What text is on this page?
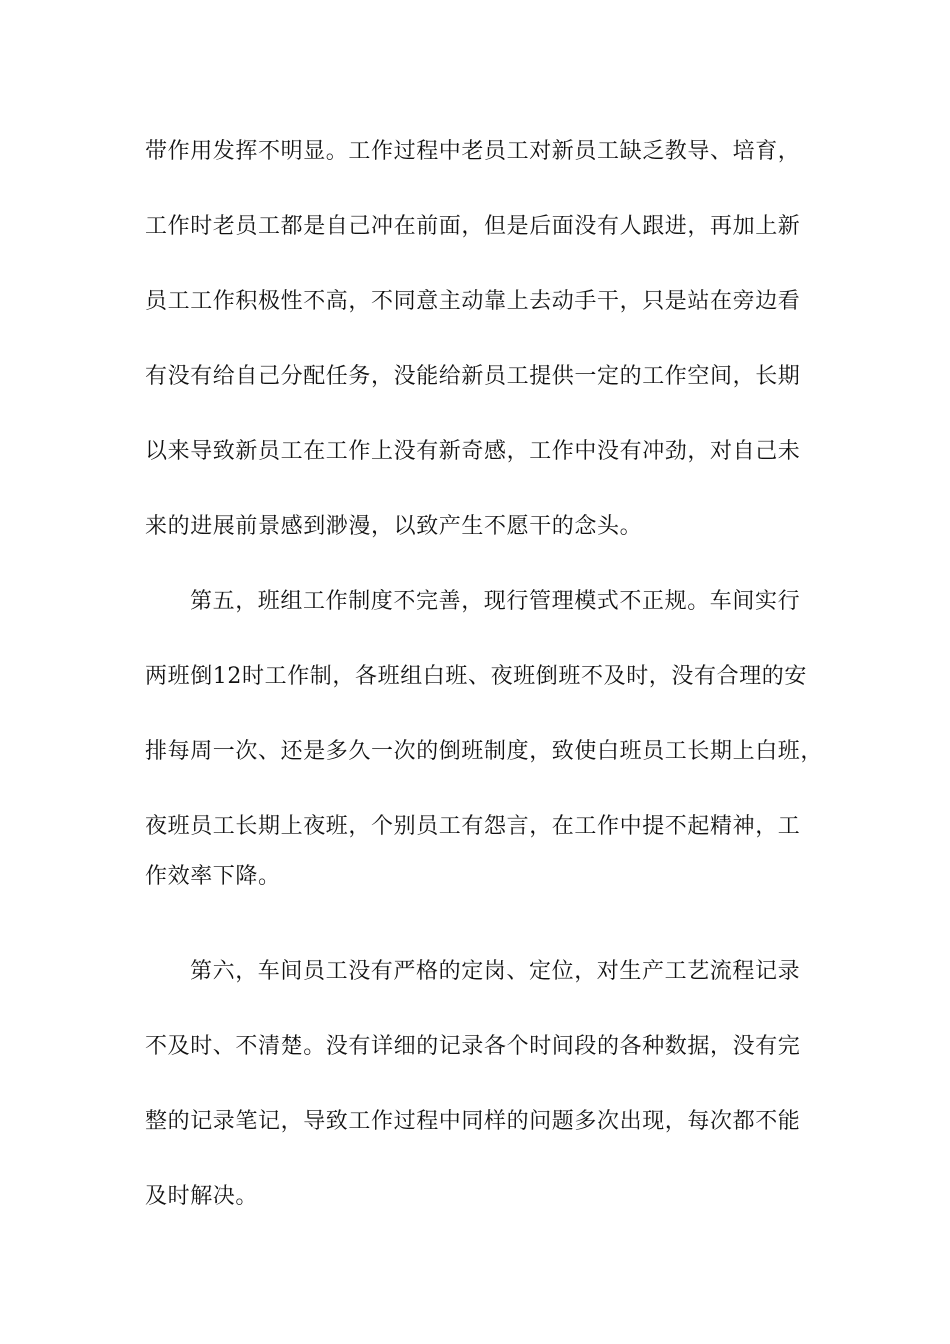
带作用发挥不明显。工作过程中老员工对新员工缺乏教导、培育，
工作时老员工都是自己冲在前面，但是后面没有人跟进，再加上新
员工工作积极性不高，不同意主动靠上去动手干，只是站在旁边看
有没有给自己分配任务，没能给新员工提供一定的工作空间，长期
以来导致新员工在工作上没有新奇感，工作中没有冲劲，对自己未
来的进展前景感到渺漫，以致产生不愿干的念头。
第五，班组工作制度不完善，现行管理模式不正规。车间实行
两班倒12时工作制，各班组白班、夜班倒班不及时，没有合理的安
排每周一次、还是多久一次的倒班制度，致使白班员工长期上白班，
夜班员工长期上夜班，个别员工有怨言，在工作中提不起精神，工
作效率下降。
第六，车间员工没有严格的定岗、定位，对生产工艺流程记录
不及时、不清楚。没有详细的记录各个时间段的各种数据，没有完
整的记录笔记，导致工作过程中同样的问题多次出现，每次都不能
及时解决。
